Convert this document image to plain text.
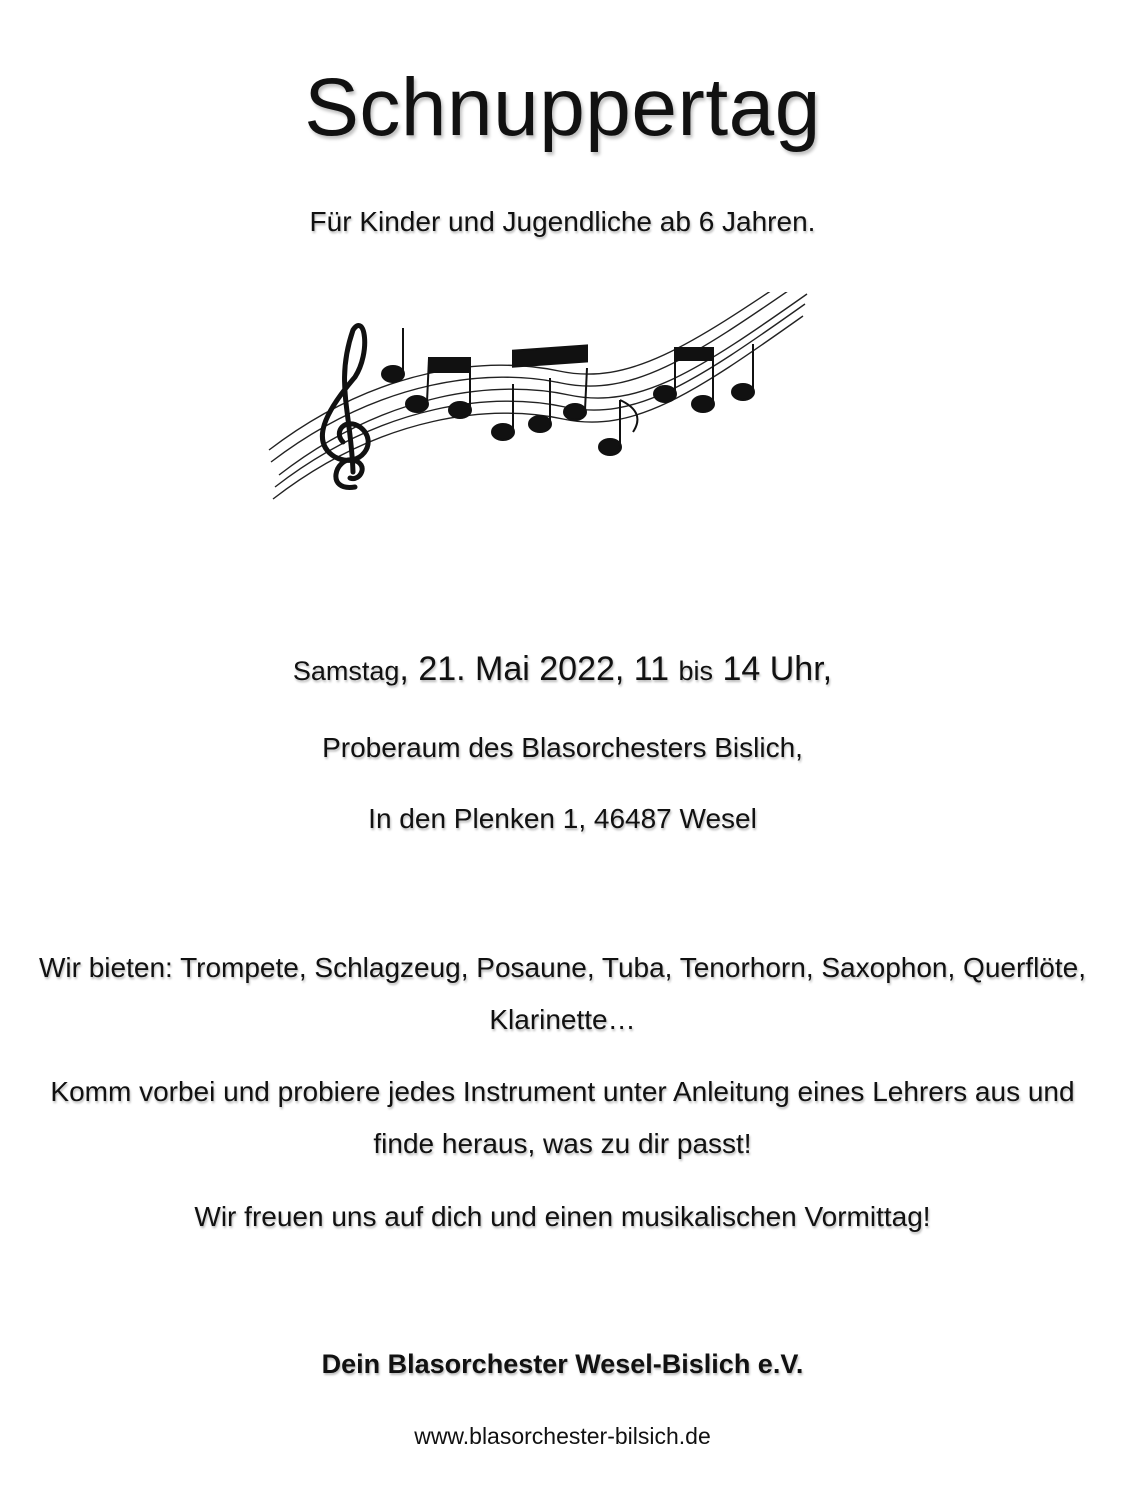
Schnuppertag
Für Kinder und Jugendliche ab 6 Jahren.
Samstag, 21. Mai 2022, 11 bis 14 Uhr,
Proberaum des Blasorchesters Bislich,
In den Plenken 1, 46487 Wesel
Wir bieten: Trompete, Schlagzeug, Posaune, Tuba, Tenorhorn, Saxophon, Querflöte, Klarinette…
Komm vorbei und probiere jedes Instrument unter Anleitung eines Lehrers aus und finde heraus, was zu dir passt!
Wir freuen uns auf dich und einen musikalischen Vormittag!
Dein Blasorchester Wesel-Bislich e.V.
www.blasorchester-bilsich.de
